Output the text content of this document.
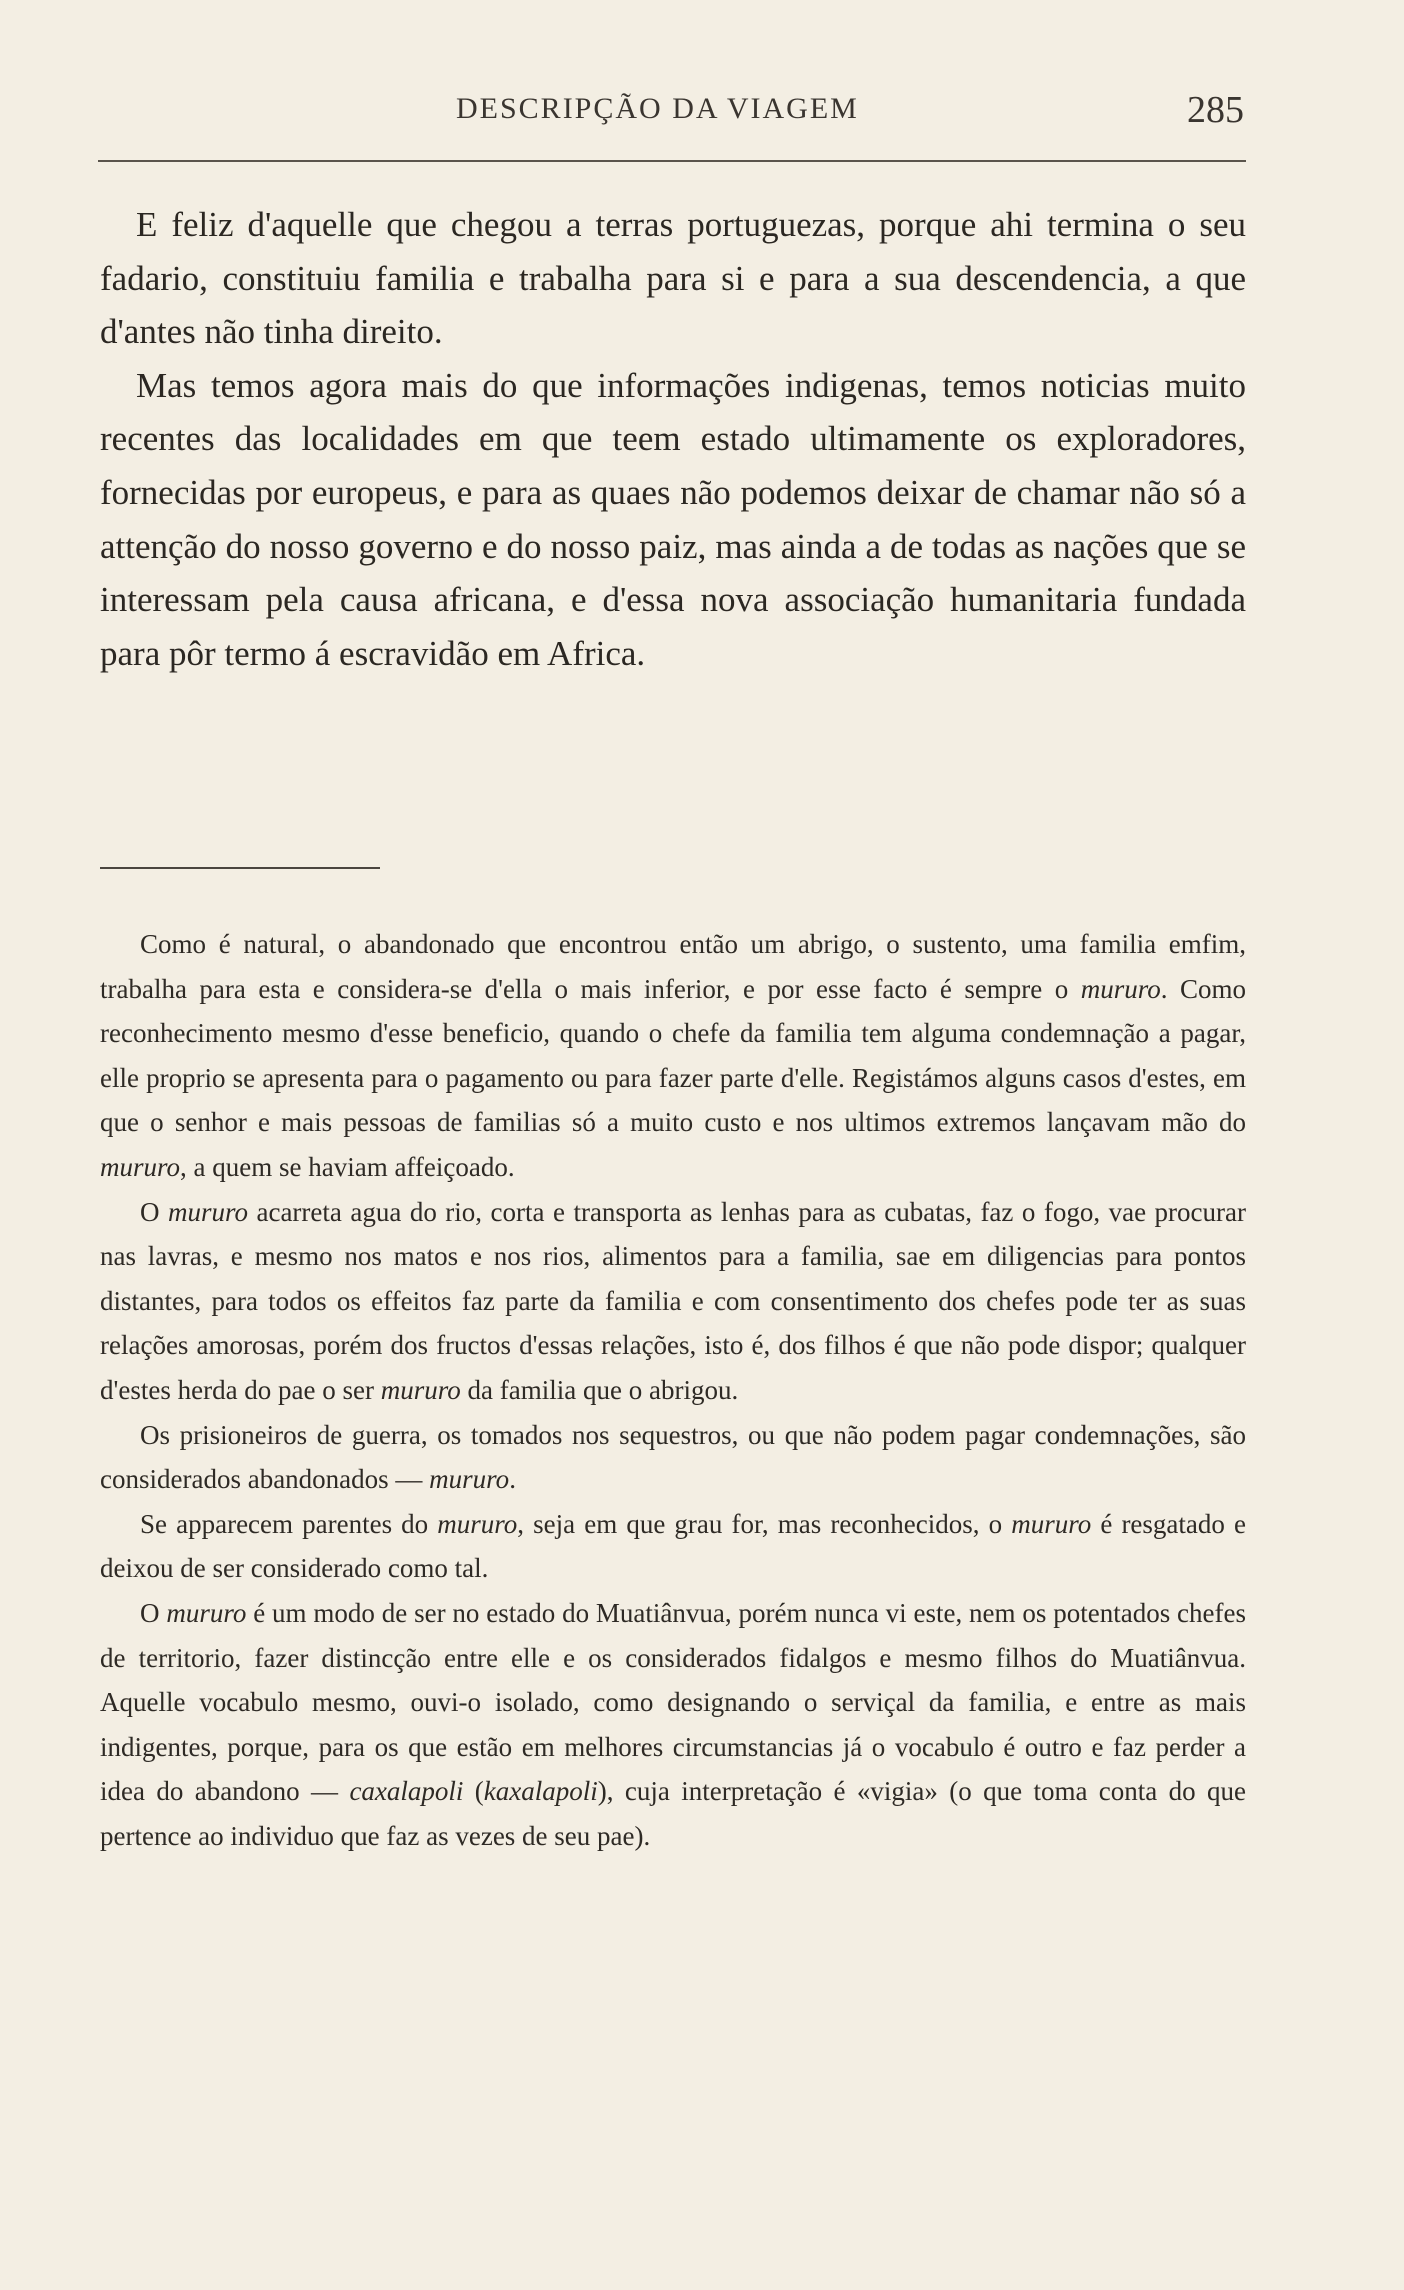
DESCRIPÇÃO DA VIAGEM	285

E feliz d'aquelle que chegou a terras portuguezas, porque ahi termina o seu fadario, constituiu familia e trabalha para si e para a sua descendencia, a que d'antes não tinha direito.

Mas temos agora mais do que informações indigenas, temos noticias muito recentes das localidades em que teem estado ultimamente os exploradores, fornecidas por europeus, e para as quaes não podemos deixar de chamar não só a attenção do nosso governo e do nosso paiz, mas ainda a de todas as nações que se interessam pela causa africana, e d'essa nova associação humanitaria fundada para pôr termo á escravidão em Africa.

Como é natural, o abandonado que encontrou então um abrigo, o sustento, uma familia emfim, trabalha para esta e considera-se d'ella o mais inferior, e por esse facto é sempre o mururo. Como reconhecimento mesmo d'esse beneficio, quando o chefe da familia tem alguma condemnação a pagar, elle proprio se apresenta para o pagamento ou para fazer parte d'elle. Registámos alguns casos d'estes, em que o senhor e mais pessoas de familias só a muito custo e nos ultimos extremos lançavam mão do mururo, a quem se haviam affeiçoado.

O mururo acarreta agua do rio, corta e transporta as lenhas para as cubatas, faz o fogo, vae procurar nas lavras, e mesmo nos matos e nos rios, alimentos para a familia, sae em diligencias para pontos distantes, para todos os effeitos faz parte da familia e com consentimento dos chefes pode ter as suas relações amorosas, porém dos fructos d'essas relações, isto é, dos filhos é que não pode dispor; qualquer d'estes herda do pae o ser mururo da familia que o abrigou.

Os prisioneiros de guerra, os tomados nos sequestros, ou que não podem pagar condemnações, são considerados abandonados — mururo.

Se apparecem parentes do mururo, seja em que grau for, mas reconhecidos, o mururo é resgatado e deixou de ser considerado como tal.

O mururo é um modo de ser no estado do Muatiânvua, porém nunca vi este, nem os potentados chefes de territorio, fazer distincção entre elle e os considerados fidalgos e mesmo filhos do Muatiânvua. Aquelle vocabulo mesmo, ouvi-o isolado, como designando o serviçal da familia, e entre as mais indigentes, porque, para os que estão em melhores circumstancias já o vocabulo é outro e faz perder a idea do abandono — caxalapoli (kaxalapoli), cuja interpretação é «vigia» (o que toma conta do que pertence ao individuo que faz as vezes de seu pae).
